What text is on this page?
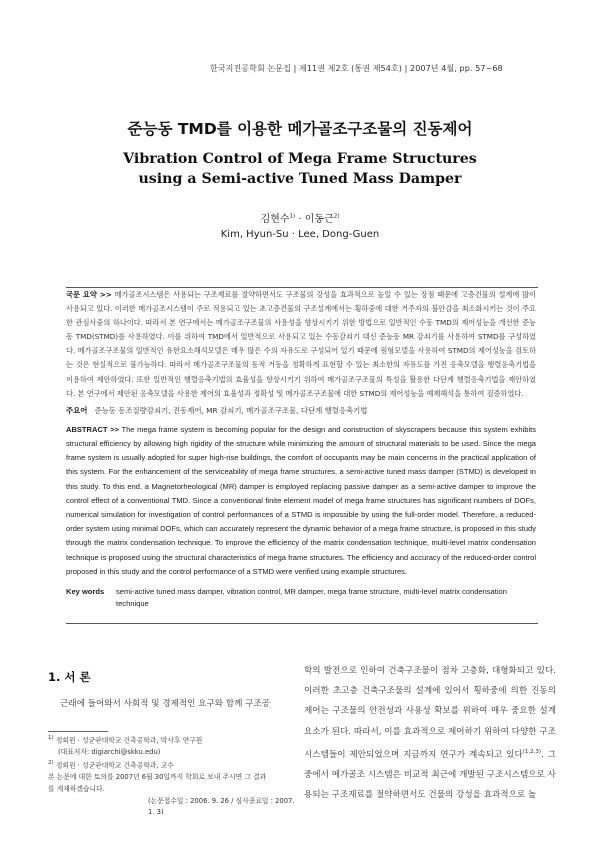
한국지진공학회 논문집 | 제11권 제2호 (통권 제54호) | 2007년 4월, pp. 57~68
준능동 TMD를 이용한 메가골조구조물의 진동제어
Vibration Control of Mega Frame Structures
using a Semi-active Tuned Mass Damper
김현수$^{1)}$ · 이동근$^{2)}$
Kim, Hyun-Su · Lee, Dong-Guen

국문 요약 >> 메가골조시스템은 사용되는 구조재료를 절약하면서도 구조물의 강성을 효과적으로 높일 수 있는 장점 때문에 고층건물의 설계에 많이 사용되고 있다. 이러한 메가골조시스템이 주로 적용되고 있는 초고층건물의 구조설계에서는 횡하중에 대한 거주자의 불안감을 최소화시키는 것이 주요한 관심사중의 하나이다. 따라서 본 연구에서는 메가골조구조물의 사용성을 향상시키기 위한 방법으로 일반적인 수동 TMD의 제어성능을 개선한 준능동 TMD(STMD)를 사용하였다. 이를 위하여 TMD에서 일반적으로 사용되고 있는 수동감쇠기 대신 준능동 MR 감쇠기를 사용하여 STMD를 구성하였다. 메가골조구조물의 일반적인 유한요소해석모델은 매우 많은 수의 자유도로 구성되어 있기 때문에 원형모델을 사용하여 STMD의 제어성능을 검토하는 것은 현실적으로 불가능하다. 따라서 메가골조구조물의 동적 거동을 정확하게 표현할 수 있는 최소한의 자유도를 가진 응축모델을 행렬응축기법을 이용하여 제안하였다. 또한 일반적인 행렬응축기법의 효율성을 향상시키기 위하여 메가골조구조물의 특성을 활용한 다단계 행렬응축기법을 제안하였다. 본 연구에서 제안된 응축모델을 사용한 제어의 효율성과 정확성 및 메가골조구조물에 대한 STMD의 제어성능을 예제해석을 통하여 검증하였다.

주요어 준능동 동조질량감쇠기, 진동제어, MR 감쇠기, 메가골조구조물, 다단계 행렬응축기법

ABSTRACT >> The mega frame system is becoming popular for the design and construction of skyscrapers because this system exhibits structural efficiency by allowing high rigidity of the structure while minimizing the amount of structural materials to be used. Since the mega frame system is usually adopted for super high-rise buildings, the comfort of occupants may be main concerns in the practical application of this system. For the enhancement of the serviceability of mega frame structures, a semi-active tuned mass damper (STMD) is developed in this study. To this end, a Magnetorheological (MR) damper is employed replacing passive damper as a semi-active damper to improve the control effect of a conventional TMD. Since a conventional finite element model of mega frame structures has significant numbers of DOFs, numerical simulation for investigation of control performances of a STMD is impossible by using the full-order model. Therefore, a reduced-order system using minimal DOFs, which can accurately represent the dynamic behavior of a mega frame structure, is proposed in this study through the matrix condensation technique. To improve the efficiency of the matrix condensation technique, multi-level matrix condensation technique is proposed using the structural characteristics of mega frame structures. The efficiency and accuracy of the reduced-order control proposed in this study and the control performance of a STMD were verified using example structures.

Key words	semi-active tuned mass damper, vibration control, MR damper, mega frame structure, multi-level matrix condensation technique
1. 서 론
근래에 들어와서 사회적 및 경제적인 요구와 함께 구조공
$^{1)}$ 정회원 · 성균관대학교 건축공학과, 박사후 연구원
(대표저자: digiarchi@skku.edu)
$^{2)}$ 정회원 · 성균관대학교 건축공학과, 교수
본 논문에 대한 토의를 2007년 6월 30일까지 학회로 보내 주시면 그 결과
를 게재하겠습니다.
(논문접수일 : 2006. 9. 26 / 심사종료일 : 2007. 1. 3)

학의 발전으로 인하여 건축구조물이 점차 고층화, 대형화되고 있다. 이러한 초고층 건축구조물의 설계에 있어서 횡하중에 의한 진동의 제어는 구조물의 안전성과 사용성 확보를 위하여 매우 중요한 설계요소가 된다. 따라서, 이를 효과적으로 제어하기 위하여 다양한 구조시스템들이 제안되었으며 지금까지 연구가 계속되고 있다$^{(1,2,3)}$. 그 중에서 메가골조 시스템은 비교적 최근에 개발된 구조시스템으로 사용되는 구조재료를 절약하면서도 건물의 강성을 효과적으로 높
